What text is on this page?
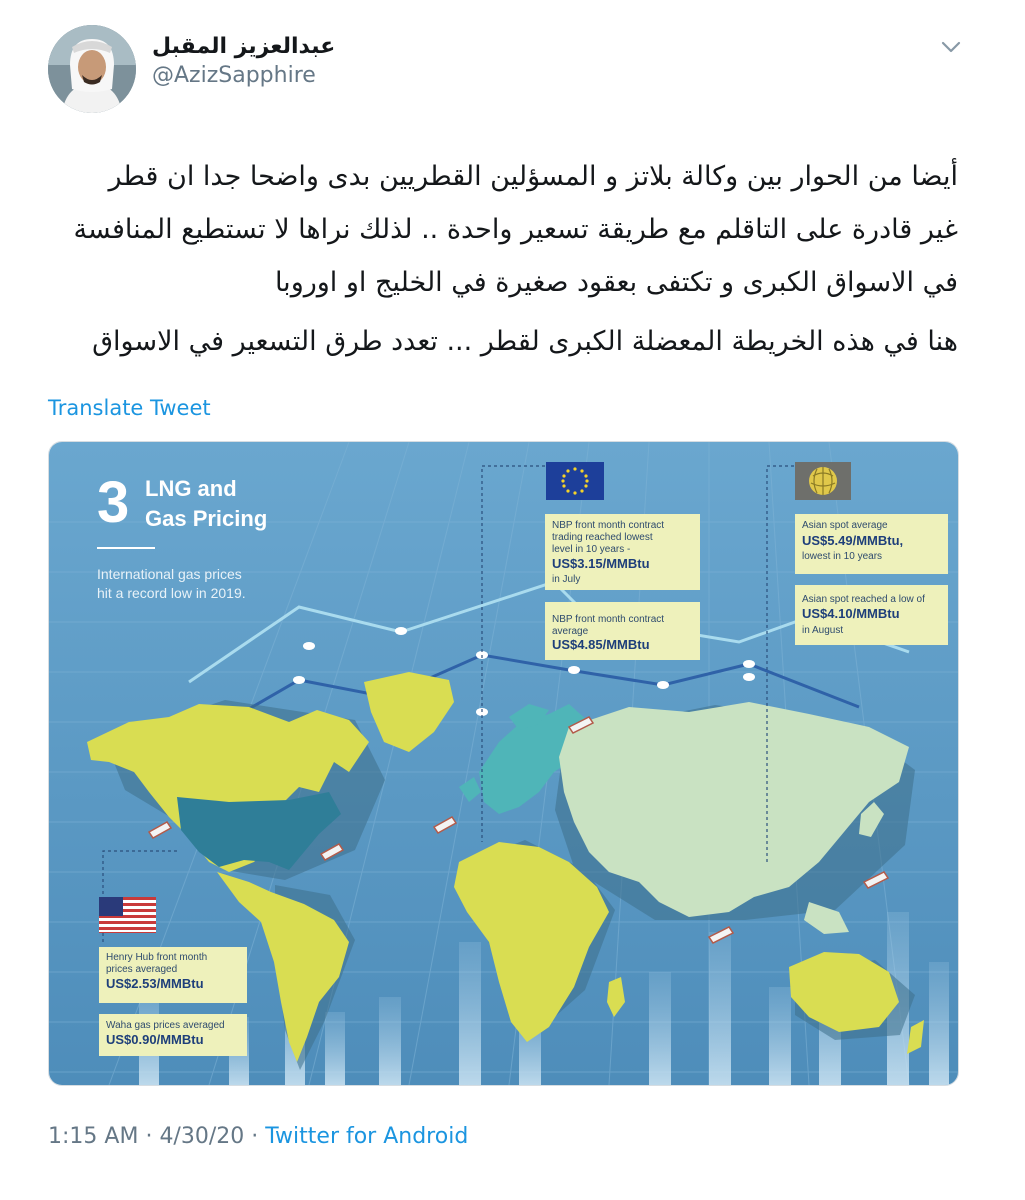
عبدالعزيز المقبل
@AzizSapphire

أيضا من الحوار بين وكالة بلاتز و المسؤلين القطريين بدى واضحا جدا ان قطر

غير قادرة على التاقلم مع طريقة تسعير واحدة .. لذلك نراها لا تستطيع المنافسة

في الاسواق الكبرى و تكتفى بعقود صغيرة في الخليج او اوروبا

هنا في هذه الخريطة المعضلة الكبرى لقطر ... تعدد طرق التسعير في الاسواق

Translate Tweet
3 LNG and
Gas Pricing
International gas prices
hit a record low in 2019.
NBP front month contract
trading reached lowest
level in 10 years -
US$3.15/MMBtu
in July
NBP front month contract
average
US$4.85/MMBtu
Asian spot average
US$5.49/MMBtu,
lowest in 10 years
Asian spot reached a low of
US$4.10/MMBtu
in August
Henry Hub front month
prices averaged
US$2.53/MMBtu
Waha gas prices averaged
US$0.90/MMBtu
1:15 AM · 4/30/20 · Twitter for Android
